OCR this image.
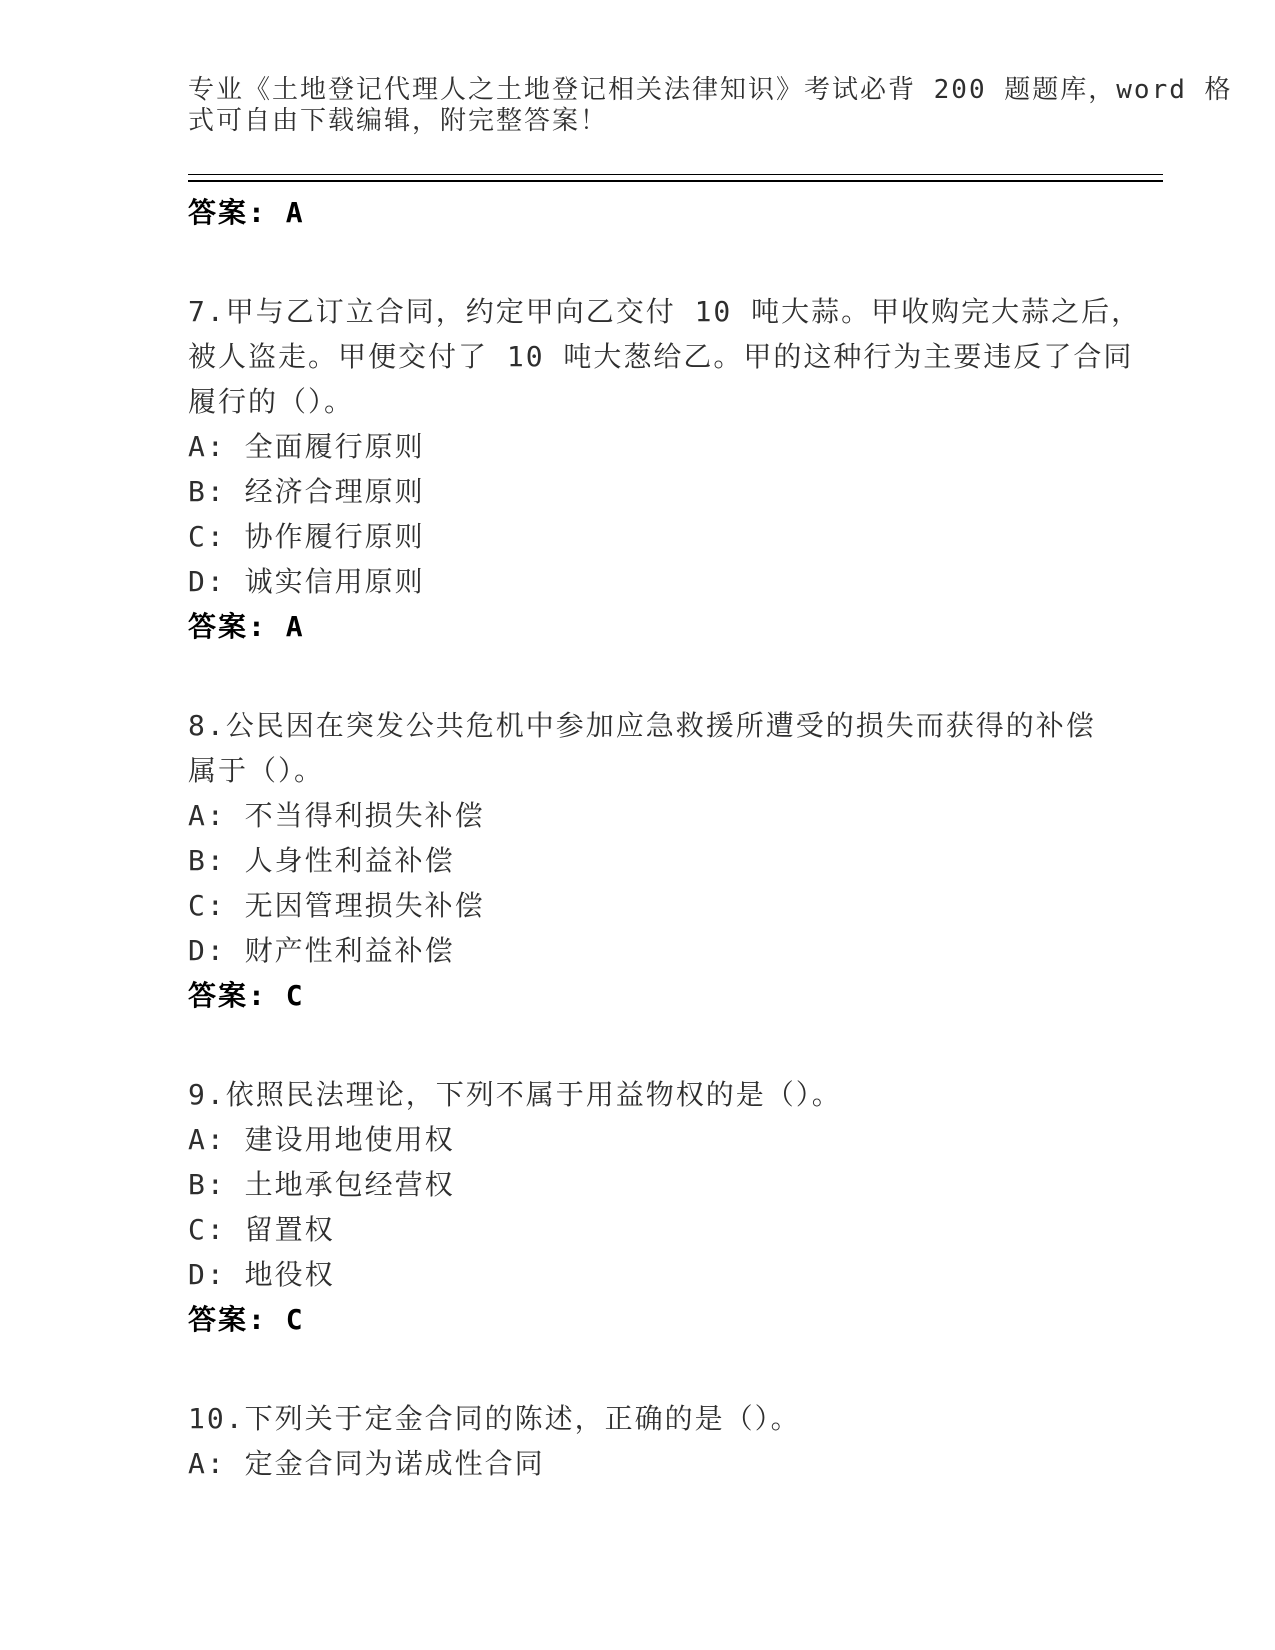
专业《土地登记代理人之土地登记相关法律知识》考试必背 200 题题库，word 格
式可自由下载编辑，附完整答案！
答案: A
7.甲与乙订立合同，约定甲向乙交付 10 吨大蒜。甲收购完大蒜之后，
被人盗走。甲便交付了 10 吨大葱给乙。甲的这种行为主要违反了合同
履行的（）。
A: 全面履行原则
B: 经济合理原则
C: 协作履行原则
D: 诚实信用原则
答案: A
8.公民因在突发公共危机中参加应急救援所遭受的损失而获得的补偿
属于（）。
A: 不当得利损失补偿
B: 人身性利益补偿
C: 无因管理损失补偿
D: 财产性利益补偿
答案: C
9.依照民法理论，下列不属于用益物权的是（）。
A: 建设用地使用权
B: 土地承包经营权
C: 留置权
D: 地役权
答案: C
10.下列关于定金合同的陈述，正确的是（）。
A: 定金合同为诺成性合同
